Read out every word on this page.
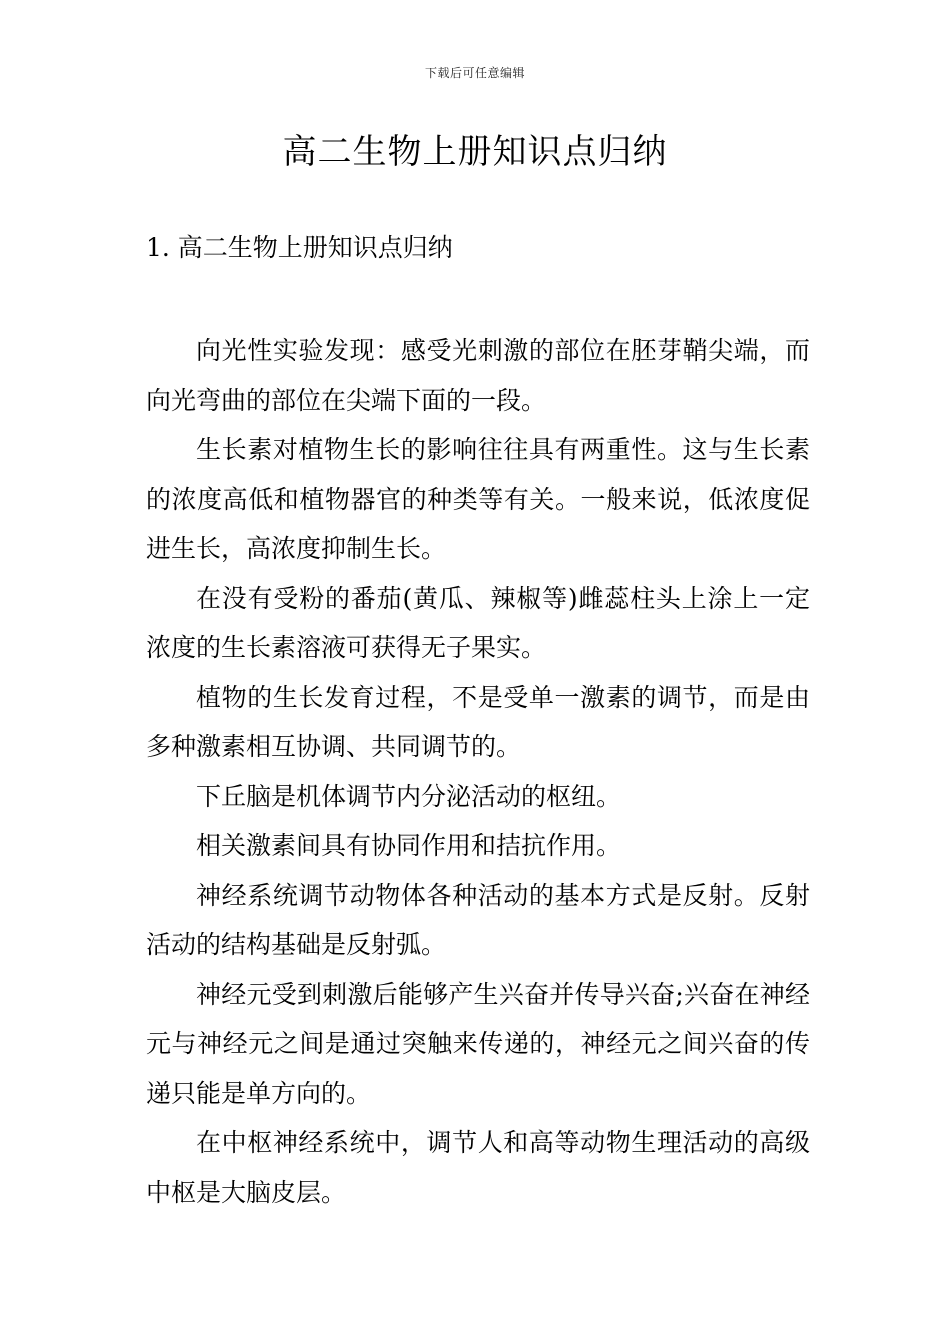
下载后可任意编辑
高二生物上册知识点归纳
1. 高二生物上册知识点归纳

向光性实验发现：感受光刺激的部位在胚芽鞘尖端，而向光弯曲的部位在尖端下面的一段。

生长素对植物生长的影响往往具有两重性。这与生长素的浓度高低和植物器官的种类等有关。一般来说，低浓度促进生长，高浓度抑制生长。

在没有受粉的番茄(黄瓜、辣椒等)雌蕊柱头上涂上一定浓度的生长素溶液可获得无子果实。

植物的生长发育过程，不是受单一激素的调节，而是由多种激素相互协调、共同调节的。

下丘脑是机体调节内分泌活动的枢纽。

相关激素间具有协同作用和拮抗作用。

神经系统调节动物体各种活动的基本方式是反射。反射活动的结构基础是反射弧。

神经元受到刺激后能够产生兴奋并传导兴奋;兴奋在神经元与神经元之间是通过突触来传递的，神经元之间兴奋的传递只能是单方向的。

在中枢神经系统中，调节人和高等动物生理活动的高级中枢是大脑皮层。
